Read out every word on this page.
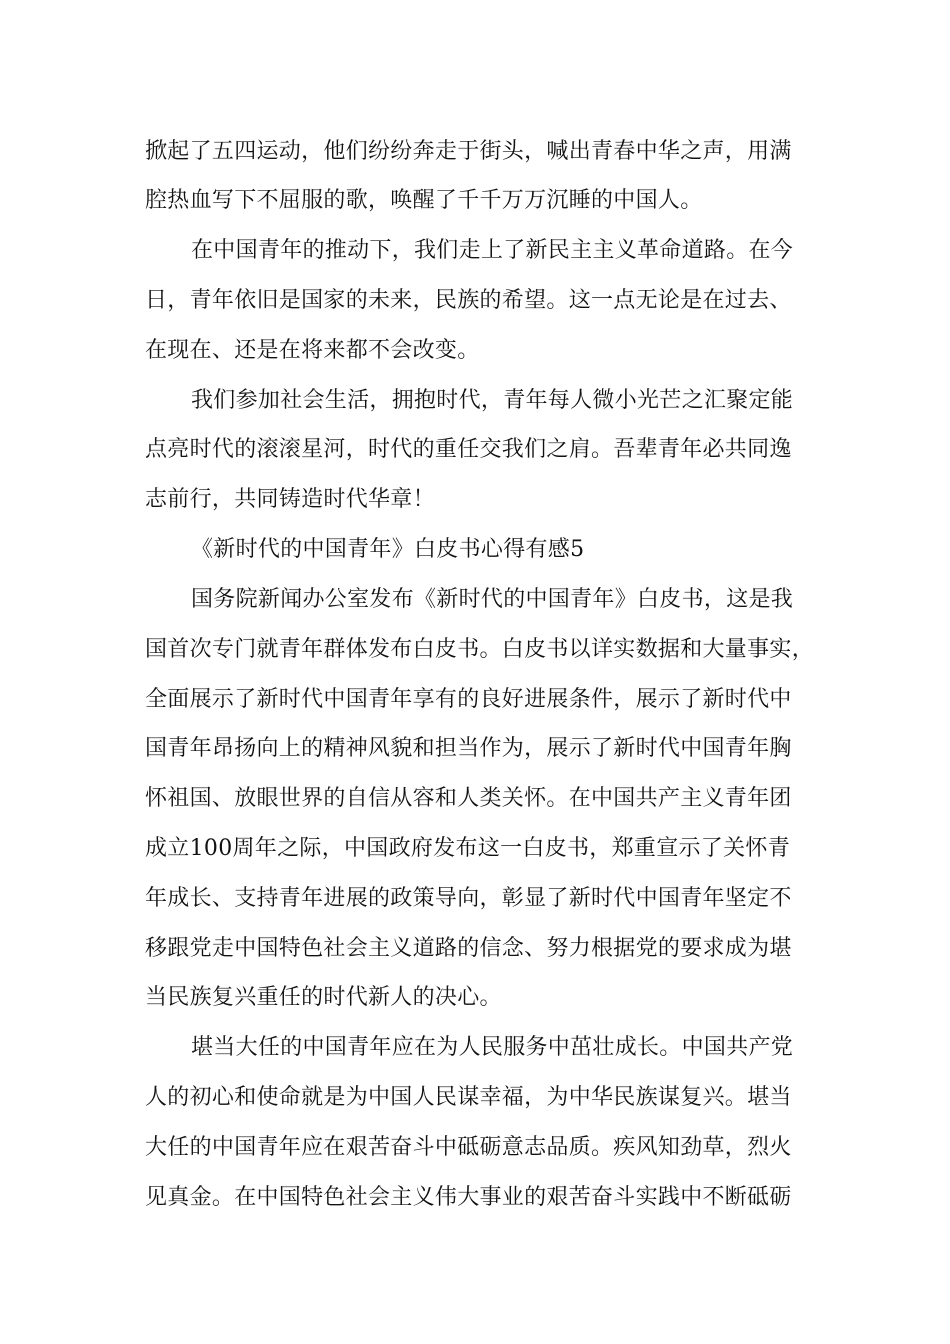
掀起了五四运动，他们纷纷奔走于街头，喊出青春中华之声，用满
腔热血写下不屈服的歌，唤醒了千千万万沉睡的中国人。
在中国青年的推动下，我们走上了新民主主义革命道路。在今
日，青年依旧是国家的未来，民族的希望。这一点无论是在过去、
在现在、还是在将来都不会改变。
我们参加社会生活，拥抱时代，青年每人微小光芒之汇聚定能
点亮时代的滚滚星河，时代的重任交我们之肩。吾辈青年必共同逸
志前行，共同铸造时代华章！
《新时代的中国青年》白皮书心得有感5
国务院新闻办公室发布《新时代的中国青年》白皮书，这是我
国首次专门就青年群体发布白皮书。白皮书以详实数据和大量事实，
全面展示了新时代中国青年享有的良好进展条件，展示了新时代中
国青年昂扬向上的精神风貌和担当作为，展示了新时代中国青年胸
怀祖国、放眼世界的自信从容和人类关怀。在中国共产主义青年团
成立100周年之际，中国政府发布这一白皮书，郑重宣示了关怀青
年成长、支持青年进展的政策导向，彰显了新时代中国青年坚定不
移跟党走中国特色社会主义道路的信念、努力根据党的要求成为堪
当民族复兴重任的时代新人的决心。
堪当大任的中国青年应在为人民服务中茁壮成长。中国共产党
人的初心和使命就是为中国人民谋幸福，为中华民族谋复兴。堪当
大任的中国青年应在艰苦奋斗中砥砺意志品质。疾风知劲草，烈火
见真金。在中国特色社会主义伟大事业的艰苦奋斗实践中不断砥砺
